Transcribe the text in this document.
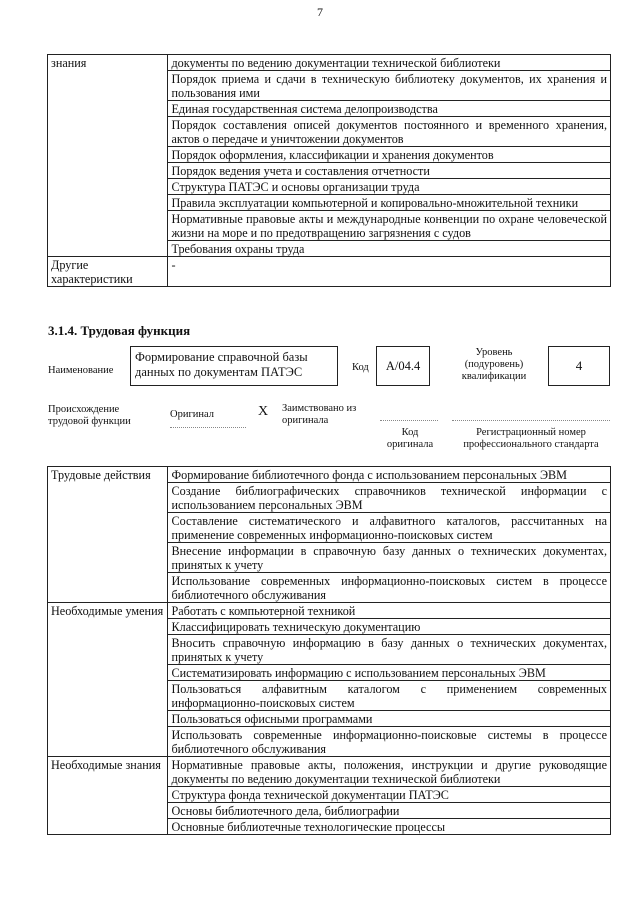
7
знания	документы по ведению документации технической библиотеки
	Порядок приема и сдачи в техническую библиотеку документов, их хранения и пользования ими
	Единая государственная система делопроизводства
	Порядок составления описей документов постоянного и временного хранения, актов о передаче и уничтожении документов
	Порядок оформления, классификации и хранения документов
	Порядок ведения учета и составления отчетности
	Структура ПАТЭС и основы организации труда
	Правила эксплуатации компьютерной и копировально-множительной техники
	Нормативные правовые акты и международные конвенции по охране человеческой жизни на море и по предотвращению загрязнения с судов
	Требования охраны труда
Другие характеристики	-
3.1.4. Трудовая функция
Наименование
Формирование справочной базы данных по документам ПАТЭС	Код	A/04.4
Уровень (подуровень) квалификации
4
Происхождение трудовой функции
Оригинал	X Заимствовано из оригинала
Код оригинала
Регистрационный номер профессионального стандарта
Трудовые действия	Формирование библиотечного фонда с использованием персональных ЭВМ
	Создание библиографических справочников технической информации с использованием персональных ЭВМ
	Составление систематического и алфавитного каталогов, рассчитанных на применение современных информационно-поисковых систем
	Внесение информации в справочную базу данных о технических документах, принятых к учету
	Использование современных информационно-поисковых систем в процессе библиотечного обслуживания
Необходимые умения	Работать с компьютерной техникой
	Классифицировать техническую документацию
	Вносить справочную информацию в базу данных о технических документах, принятых к учету
	Систематизировать информацию с использованием персональных ЭВМ
	Пользоваться алфавитным каталогом с применением современных информационно-поисковых систем
	Пользоваться офисными программами
	Использовать современные информационно-поисковые системы в процессе библиотечного обслуживания
Необходимые знания	Нормативные правовые акты, положения, инструкции и другие руководящие документы по ведению документации технической библиотеки
	Структура фонда технической документации ПАТЭС
	Основы библиотечного дела, библиографии
	Основные библиотечные технологические процессы
